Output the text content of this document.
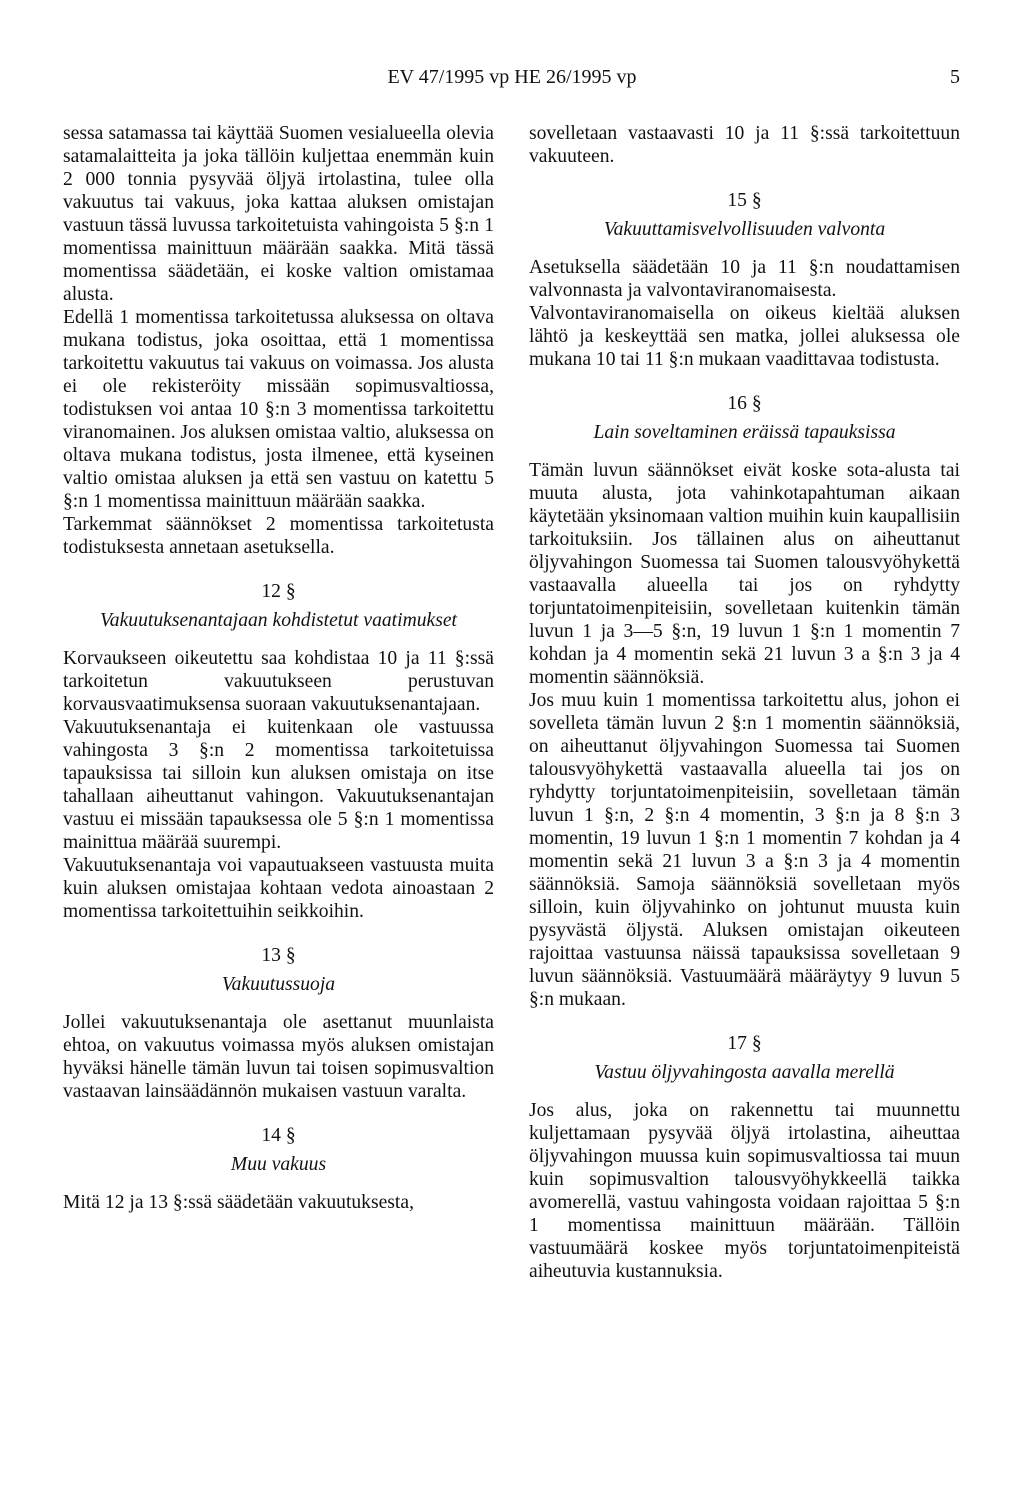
EV 47/1995 vp HE 26/1995 vp	5

sessa satamassa tai käyttää Suomen vesialueella olevia satamalaitteita ja joka tällöin kuljettaa enemmän kuin 2 000 tonnia pysyvää öljyä irtolastina, tulee olla vakuutus tai vakuus, joka kattaa aluksen omistajan vastuun tässä luvussa tarkoitetuista vahingoista 5 §:n 1 momentissa mainittuun määrään saakka. Mitä tässä momentissa säädetään, ei koske valtion omistamaa alusta.

Edellä 1 momentissa tarkoitetussa aluksessa on oltava mukana todistus, joka osoittaa, että 1 momentissa tarkoitettu vakuutus tai vakuus on voimassa. Jos alusta ei ole rekisteröity missään sopimusvaltiossa, todistuksen voi antaa 10 §:n 3 momentissa tarkoitettu viranomainen. Jos aluksen omistaa valtio, aluksessa on oltava mukana todistus, josta ilmenee, että kyseinen valtio omistaa aluksen ja että sen vastuu on katettu 5 §:n 1 momentissa mainittuun määrään saakka.

Tarkemmat säännökset 2 momentissa tarkoitetusta todistuksesta annetaan asetuksella.

12 §
Vakuutuksenantajaan kohdistetut vaatimukset

Korvaukseen oikeutettu saa kohdistaa 10 ja 11 §:ssä tarkoitetun vakuutukseen perustuvan korvausvaatimuksensa suoraan vakuutuksenantajaan.

Vakuutuksenantaja ei kuitenkaan ole vastuussa vahingosta 3 §:n 2 momentissa tarkoitetuissa tapauksissa tai silloin kun aluksen omistaja on itse tahallaan aiheuttanut vahingon. Vakuutuksenantajan vastuu ei missään tapauksessa ole 5 §:n 1 momentissa mainittua määrää suurempi.

Vakuutuksenantaja voi vapautuakseen vastuusta muita kuin aluksen omistajaa kohtaan vedota ainoastaan 2 momentissa tarkoitettuihin seikkoihin.

13 §
Vakuutussuoja

Jollei vakuutuksenantaja ole asettanut muunlaista ehtoa, on vakuutus voimassa myös aluksen omistajan hyväksi hänelle tämän luvun tai toisen sopimusvaltion vastaavan lainsäädännön mukaisen vastuun varalta.

14 §
Muu vakuus

Mitä 12 ja 13 §:ssä säädetään vakuutuksesta,

sovelletaan vastaavasti 10 ja 11 §:ssä tarkoitettuun vakuuteen.

15 §
Vakuuttamisvelvollisuuden valvonta

Asetuksella säädetään 10 ja 11 §:n noudattamisen valvonnasta ja valvontaviranomaisesta.

Valvontaviranomaisella on oikeus kieltää aluksen lähtö ja keskeyttää sen matka, jollei aluksessa ole mukana 10 tai 11 §:n mukaan vaadittavaa todistusta.

16 §
Lain soveltaminen eräissä tapauksissa

Tämän luvun säännökset eivät koske sota-alusta tai muuta alusta, jota vahinkotapahtuman aikaan käytetään yksinomaan valtion muihin kuin kaupallisiin tarkoituksiin. Jos tällainen alus on aiheuttanut öljyvahingon Suomessa tai Suomen talousvyöhykettä vastaavalla alueella tai jos on ryhdytty torjuntatoimenpiteisiin, sovelletaan kuitenkin tämän luvun 1 ja 3—5 §:n, 19 luvun 1 §:n 1 momentin 7 kohdan ja 4 momentin sekä 21 luvun 3 a §:n 3 ja 4 momentin säännöksiä.

Jos muu kuin 1 momentissa tarkoitettu alus, johon ei sovelleta tämän luvun 2 §:n 1 momentin säännöksiä, on aiheuttanut öljyvahingon Suomessa tai Suomen talousvyöhykettä vastaavalla alueella tai jos on ryhdytty torjuntatoimenpiteisiin, sovelletaan tämän luvun 1 §:n, 2 §:n 4 momentin, 3 §:n ja 8 §:n 3 momentin, 19 luvun 1 §:n 1 momentin 7 kohdan ja 4 momentin sekä 21 luvun 3 a §:n 3 ja 4 momentin säännöksiä. Samoja säännöksiä sovelletaan myös silloin, kuin öljyvahinko on johtunut muusta kuin pysyvästä öljystä. Aluksen omistajan oikeuteen rajoittaa vastuunsa näissä tapauksissa sovelletaan 9 luvun säännöksiä. Vastuumäärä määräytyy 9 luvun 5 §:n mukaan.

17 §
Vastuu öljyvahingosta aavalla merellä

Jos alus, joka on rakennettu tai muunnettu kuljettamaan pysyvää öljyä irtolastina, aiheuttaa öljyvahingon muussa kuin sopimusvaltiossa tai muun kuin sopimusvaltion talousvyöhykkeellä taikka avomerellä, vastuu vahingosta voidaan rajoittaa 5 §:n 1 momentissa mainittuun määrään. Tällöin vastuumäärä koskee myös torjuntatoimenpiteistä aiheutuvia kustannuksia.
